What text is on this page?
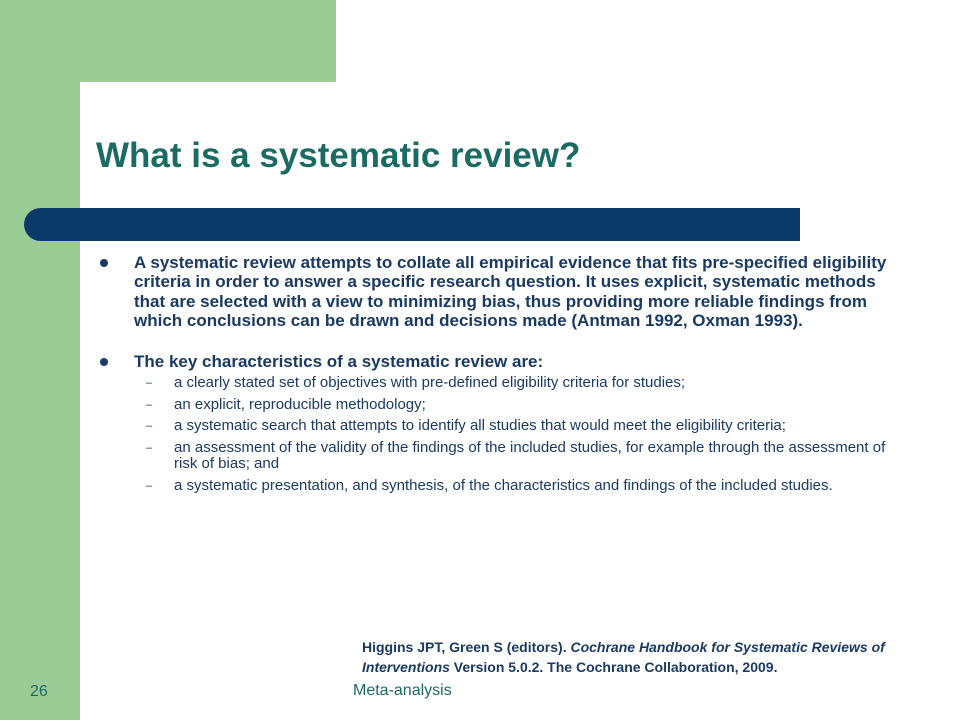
What is a systematic review?
A systematic review attempts to collate all empirical evidence that fits pre-specified eligibility criteria in order to answer a specific research question. It uses explicit, systematic methods that are selected with a view to minimizing bias, thus providing more reliable findings from which conclusions can be drawn and decisions made (Antman 1992, Oxman 1993).
The key characteristics of a systematic review are:
– a clearly stated set of objectives with pre-defined eligibility criteria for studies;
– an explicit, reproducible methodology;
– a systematic search that attempts to identify all studies that would meet the eligibility criteria;
– an assessment of the validity of the findings of the included studies, for example through the assessment of risk of bias; and
– a systematic presentation, and synthesis, of the characteristics and findings of the included studies.
Higgins JPT, Green S (editors). Cochrane Handbook for Systematic Reviews of Interventions Version 5.0.2. The Cochrane Collaboration, 2009.
26	Meta-analysis
